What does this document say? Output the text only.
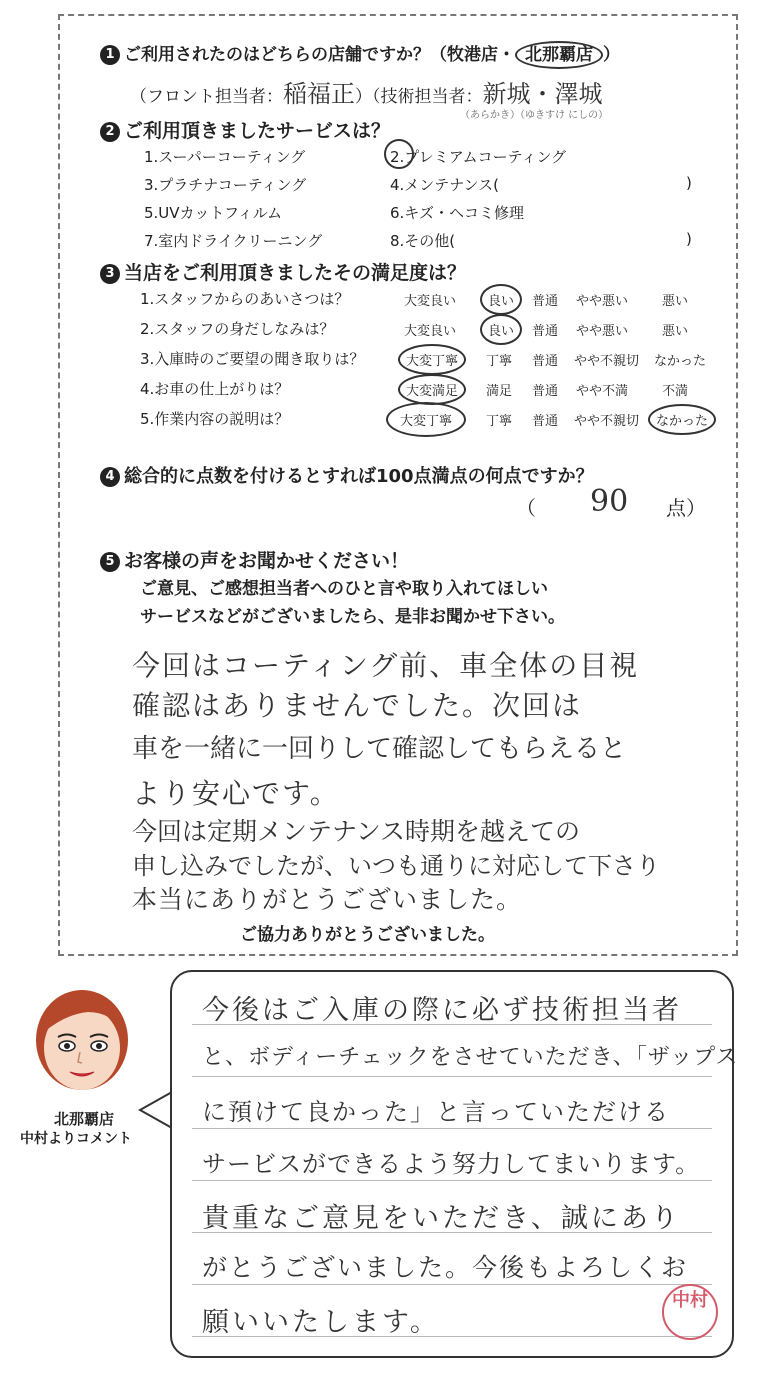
1 ご利用されたのはどちらの店舗ですか？（牧港店・ 北那覇店 ）
（フロント担当者：稲福正）（技術担当者：新城・澤城
（あらかき）（ゆきすけ にしの）
2 ご利用頂きましたサービスは？
1.スーパーコーティング	2.プレミアムコーティング
3.プラチナコーティング	4.メンテナンス(	)
5.UVカットフィルム	6.キズ・ヘコミ修理
7.室内ドライクリーニング	8.その他(	)
3 当店をご利用頂きましたその満足度は？
1.スタッフからのあいさつは？	大変良い	良い	普通 やや悪い	悪い
2.スタッフの身だしなみは？	大変良い	良い	普通 やや悪い	悪い
3.入庫時のご要望の聞き取りは？	大変丁寧	丁寧 普通 やや不親切 なかった
4.お車の仕上がりは？	大変満足	満足 普通 やや不満	不満
5.作業内容の説明は？	大変丁寧	丁寧 普通 やや不親切	なかった
4 総合的に点数を付けるとすれば100点満点の何点ですか？
（ 90 点）
5 お客様の声をお聞かせください！
ご意見、ご感想担当者へのひと言や取り入れてほしい
サービスなどがございましたら、是非お聞かせ下さい。
今回はコーティング前、車全体の目視
確認はありませんでした。次回は
車を一緒に一回りして確認してもらえると
より安心です。
今回は定期メンテナンス時期を越えての
申し込みでしたが、いつも通りに対応して下さり
本当にありがとうございました。
ご協力ありがとうございました。
北那覇店
中村よりコメント
今後はご入庫の際に必ず技術担当者
と、ボディーチェックをさせていただき、「ザップス
に預けて良かった」と言っていただける
サービスができるよう努力してまいります。
貴重なご意見をいただき、誠にあり
がとうございました。今後もよろしくお
願いいたします。
中村
